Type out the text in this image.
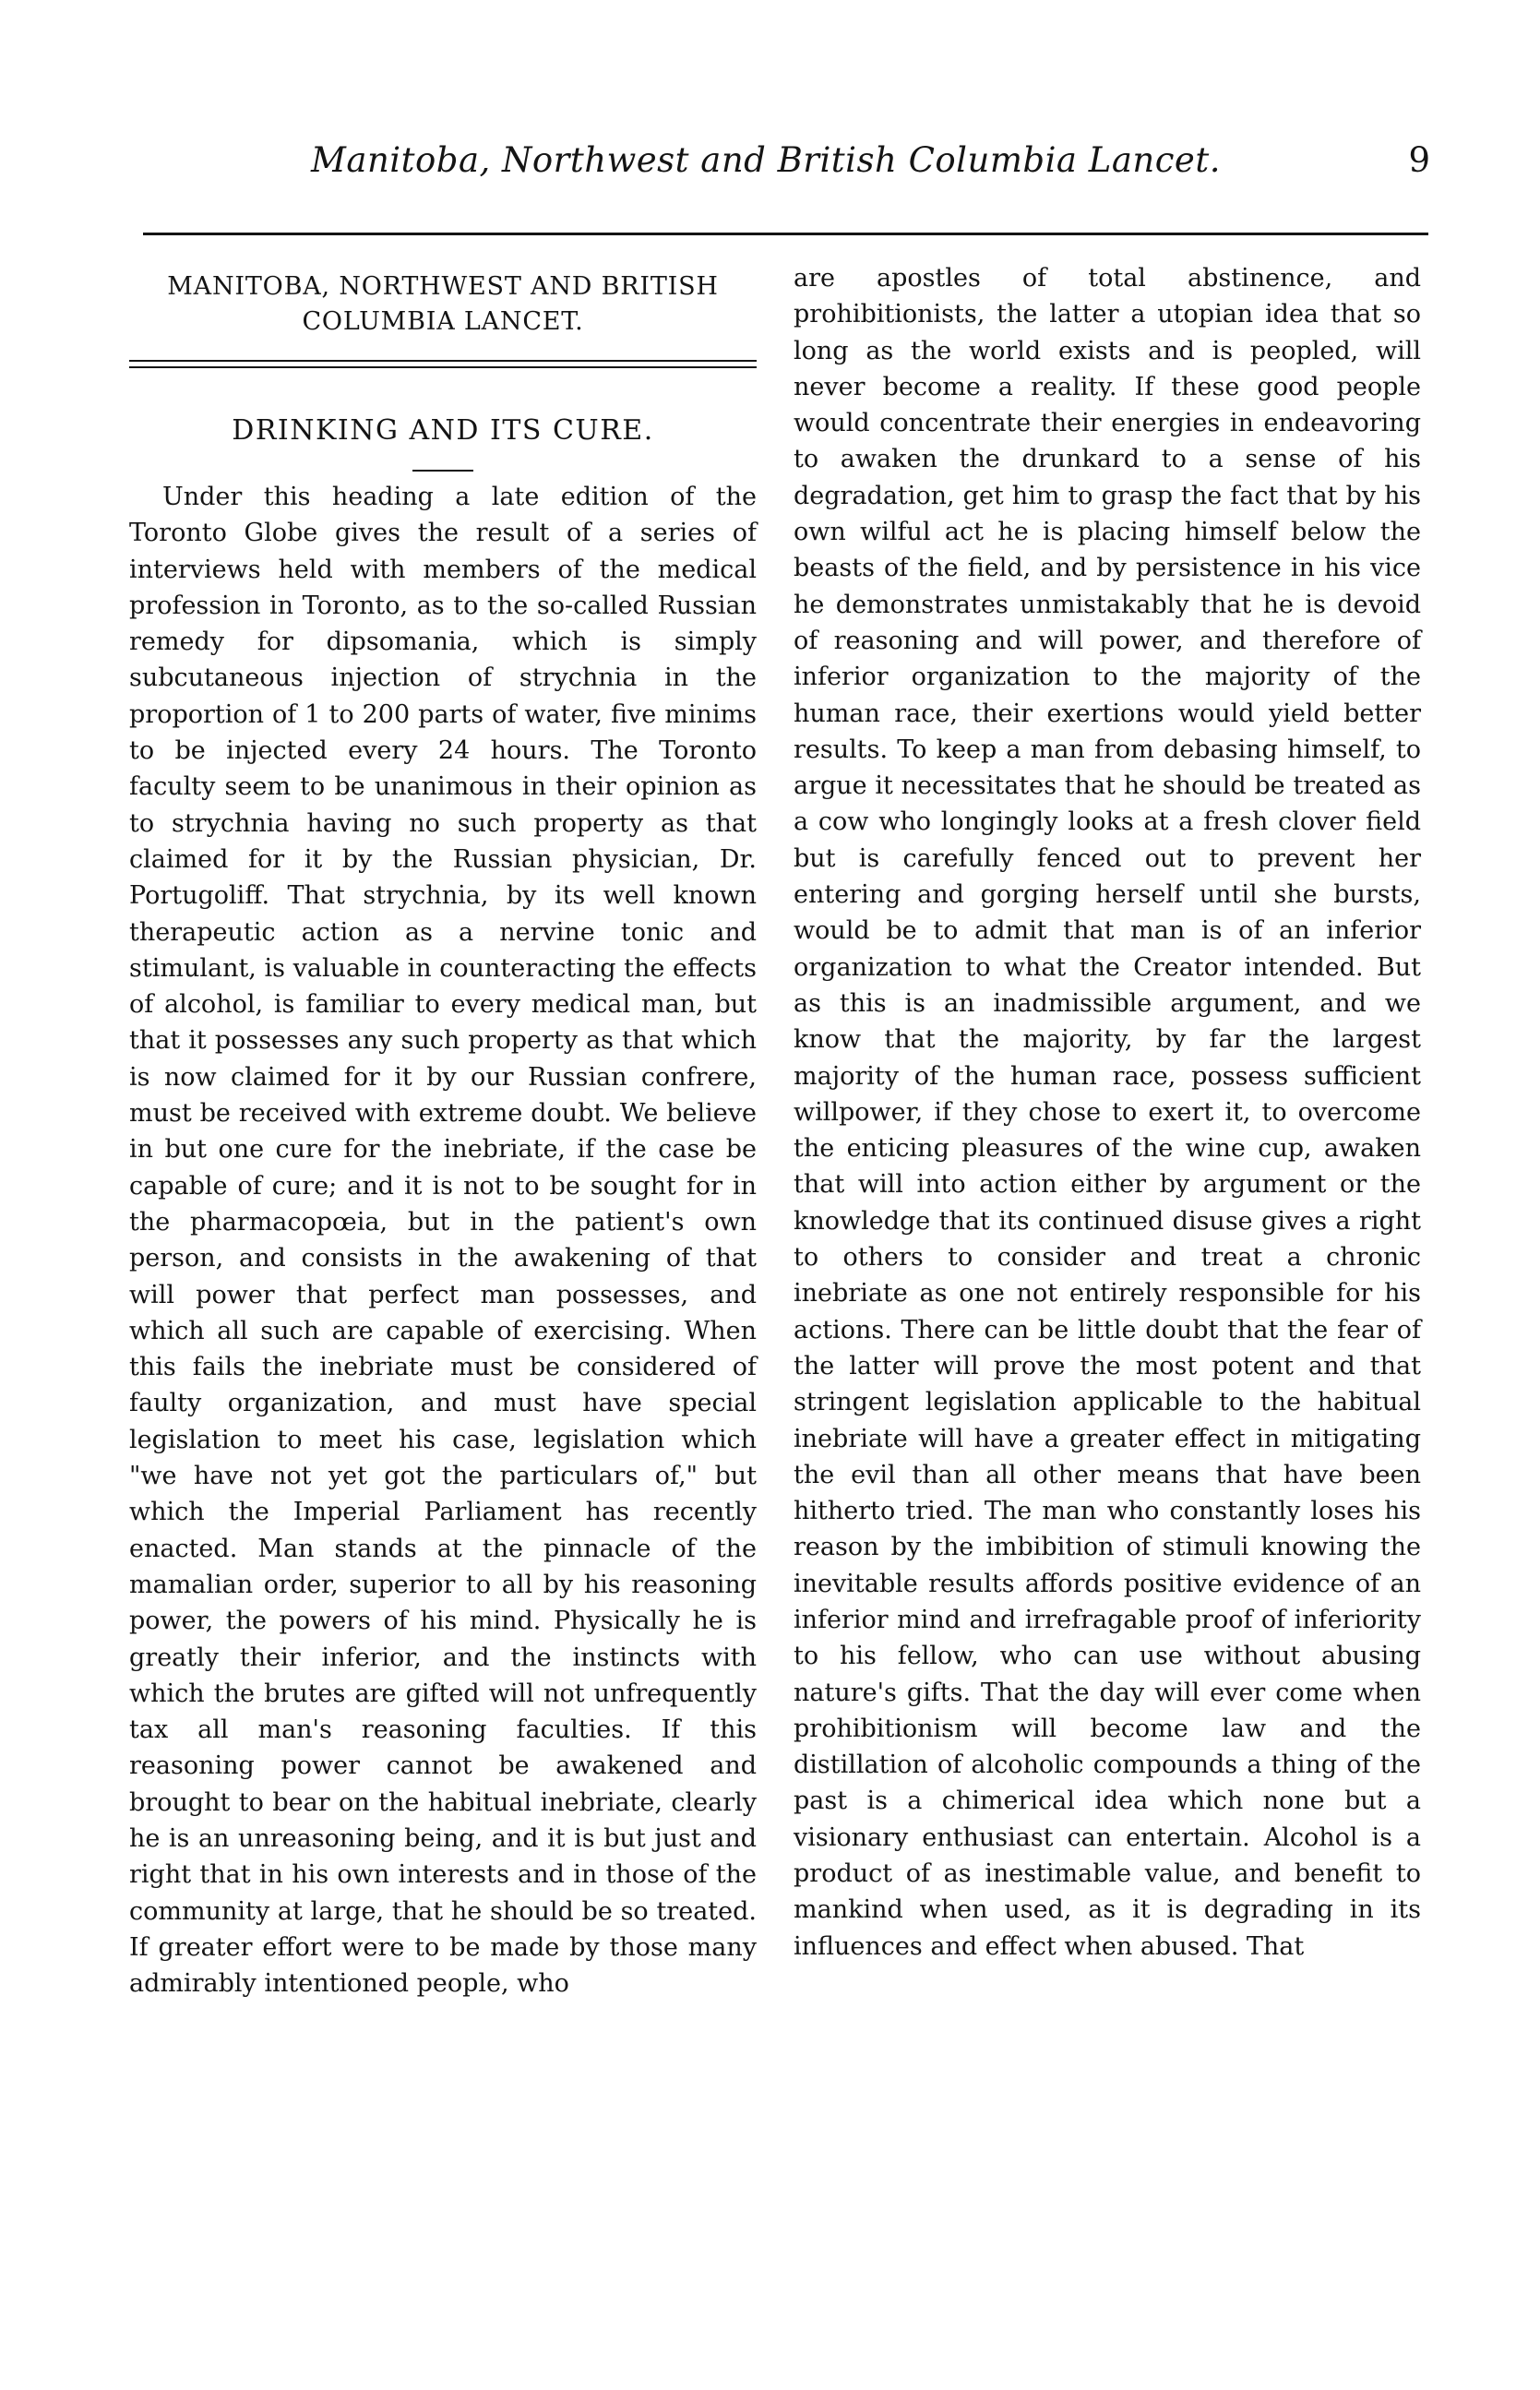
Manitoba, Northwest and British Columbia Lancet.	9
MANITOBA, NORTHWEST AND BRITISH COLUMBIA LANCET.
DRINKING AND ITS CURE.
Under this heading a late edition of the Toronto Globe gives the result of a series of interviews held with members of the medical profession in Toronto, as to the so-called Russian remedy for dipsomania, which is simply subcutaneous injection of strychnia in the proportion of 1 to 200 parts of water, five minims to be injected every 24 hours. The Toronto faculty seem to be unanimous in their opinion as to strychnia having no such property as that claimed for it by the Russian physician, Dr. Portugoliff. That strychnia, by its well known therapeutic action as a nervine tonic and stimulant, is valuable in counteracting the effects of alcohol, is familiar to every medical man, but that it possesses any such property as that which is now claimed for it by our Russian confrere, must be received with extreme doubt. We believe in but one cure for the inebriate, if the case be capable of cure; and it is not to be sought for in the pharmacopœia, but in the patient's own person, and consists in the awakening of that will power that perfect man possesses, and which all such are capable of exercising. When this fails the inebriate must be considered of faulty organization, and must have special legislation to meet his case, legislation which "we have not yet got the particulars of," but which the Imperial Parliament has recently enacted. Man stands at the pinnacle of the mamalian order, superior to all by his reasoning power, the powers of his mind. Physically he is greatly their inferior, and the instincts with which the brutes are gifted will not unfrequently tax all man's reasoning faculties. If this reasoning power cannot be awakened and brought to bear on the habitual inebriate, clearly he is an unreasoning being, and it is but just and right that in his own interests and in those of the community at large, that he should be so treated. If greater effort were to be made by those many admirably intentioned people, who
are apostles of total abstinence, and prohibitionists, the latter a utopian idea that so long as the world exists and is peopled, will never become a reality. If these good people would concentrate their energies in endeavoring to awaken the drunkard to a sense of his degradation, get him to grasp the fact that by his own wilful act he is placing himself below the beasts of the field, and by persistence in his vice he demonstrates unmistakably that he is devoid of reasoning and will power, and therefore of inferior organization to the majority of the human race, their exertions would yield better results. To keep a man from debasing himself, to argue it necessitates that he should be treated as a cow who longingly looks at a fresh clover field but is carefully fenced out to prevent her entering and gorging herself until she bursts, would be to admit that man is of an inferior organization to what the Creator intended. But as this is an inadmissible argument, and we know that the majority, by far the largest majority of the human race, possess sufficient willpower, if they chose to exert it, to overcome the enticing pleasures of the wine cup, awaken that will into action either by argument or the knowledge that its continued disuse gives a right to others to consider and treat a chronic inebriate as one not entirely responsible for his actions. There can be little doubt that the fear of the latter will prove the most potent and that stringent legislation applicable to the habitual inebriate will have a greater effect in mitigating the evil than all other means that have been hitherto tried. The man who constantly loses his reason by the imbibition of stimuli knowing the inevitable results affords positive evidence of an inferior mind and irrefragable proof of inferiority to his fellow, who can use without abusing nature's gifts. That the day will ever come when prohibitionism will become law and the distillation of alcoholic compounds a thing of the past is a chimerical idea which none but a visionary enthusiast can entertain. Alcohol is a product of as inestimable value, and benefit to mankind when used, as it is degrading in its influences and effect when abused. That
